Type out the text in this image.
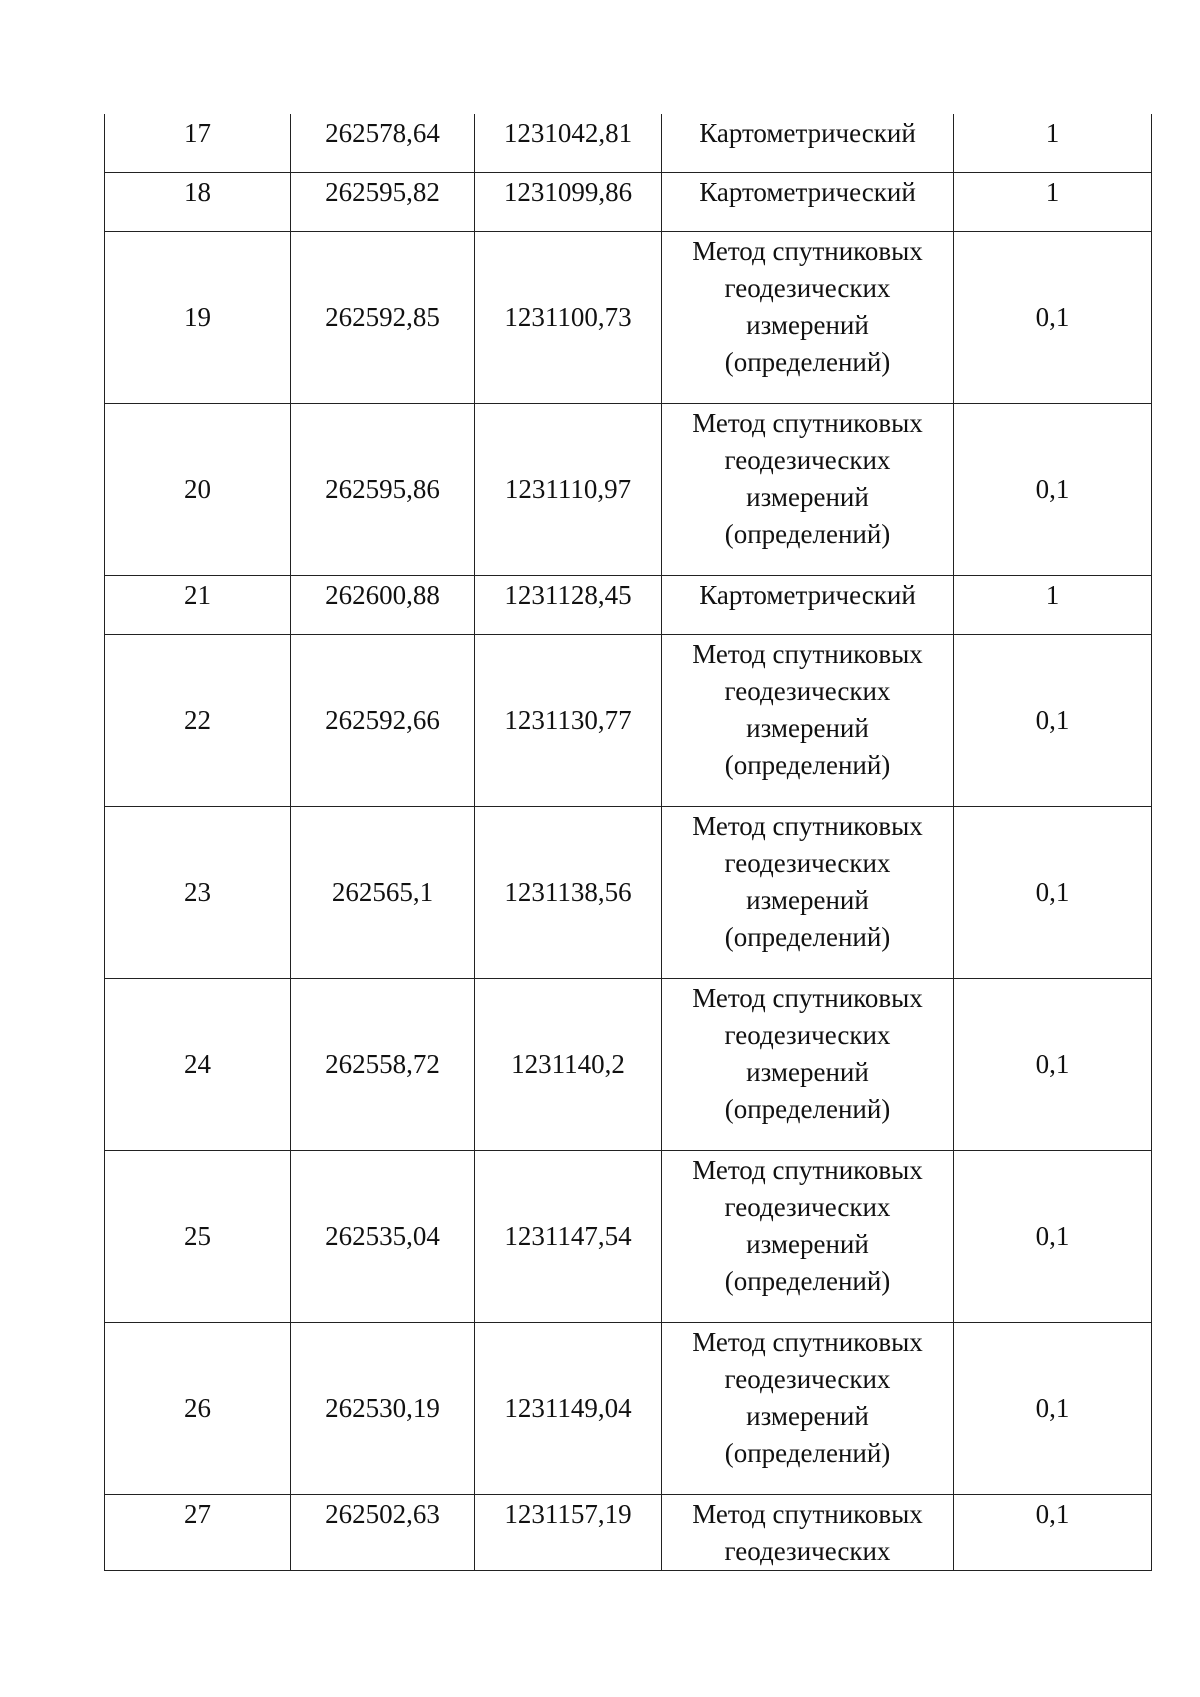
17	262578,64	1231042,81	Картометрический	1
18	262595,82	1231099,86	Картометрический	1
19	262592,85	1231100,73	Метод спутниковых геодезических измерений (определений)	0,1
20	262595,86	1231110,97	Метод спутниковых геодезических измерений (определений)	0,1
21	262600,88	1231128,45	Картометрический	1
22	262592,66	1231130,77	Метод спутниковых геодезических измерений (определений)	0,1
23	262565,1	1231138,56	Метод спутниковых геодезических измерений (определений)	0,1
24	262558,72	1231140,2	Метод спутниковых геодезических измерений (определений)	0,1
25	262535,04	1231147,54	Метод спутниковых геодезических измерений (определений)	0,1
26	262530,19	1231149,04	Метод спутниковых геодезических измерений (определений)	0,1
27	262502,63	1231157,19	Метод спутниковых геодезических	0,1
